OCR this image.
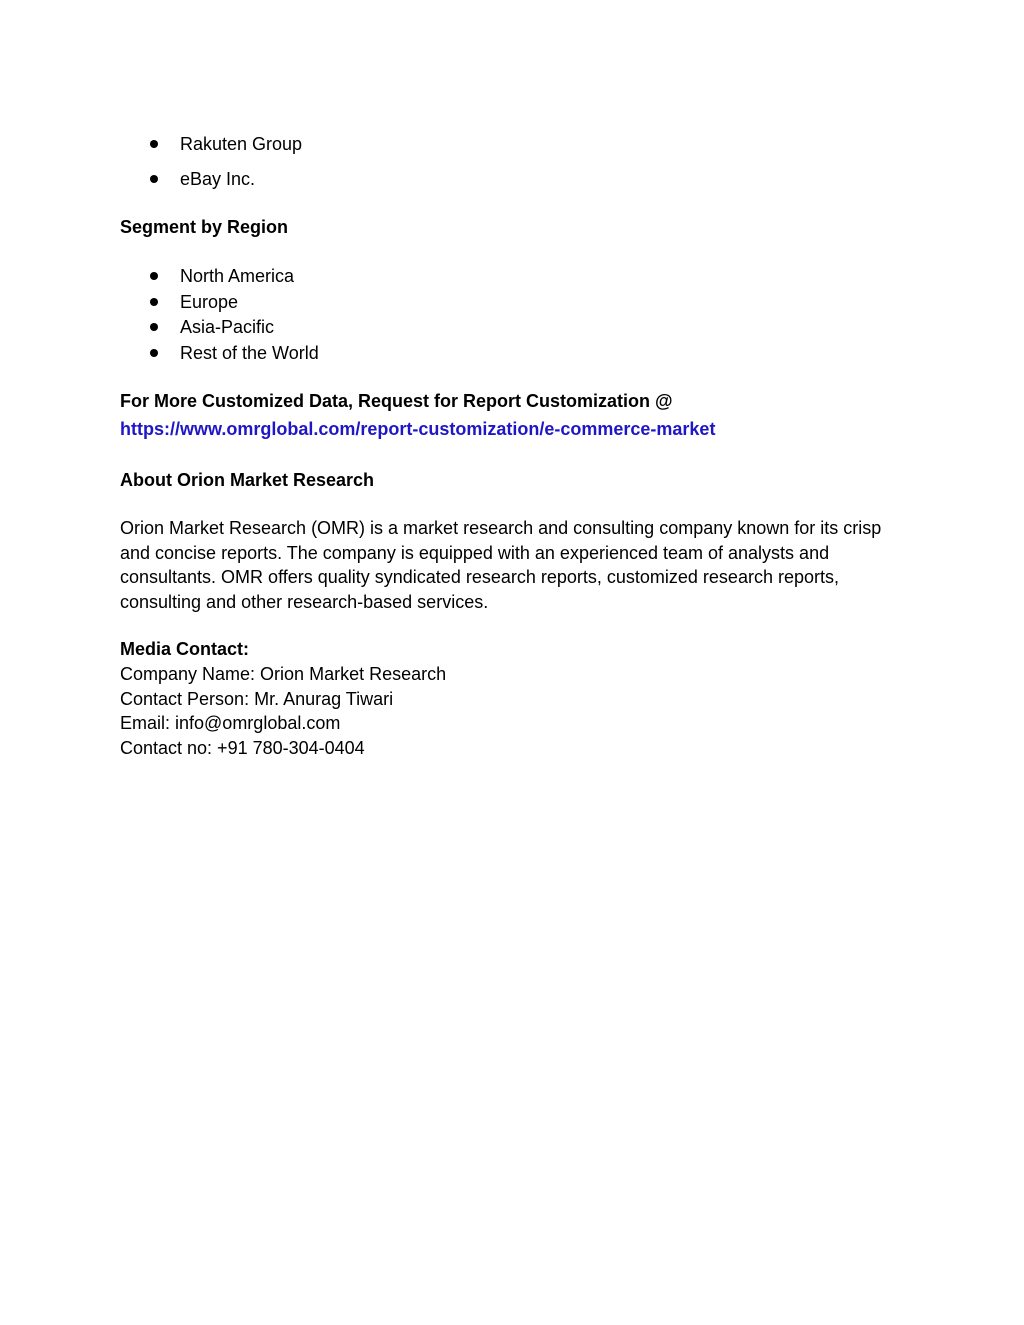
Rakuten Group
eBay Inc.
Segment by Region
North America
Europe
Asia-Pacific
Rest of the World
For More Customized Data, Request for Report Customization @
https://www.omrglobal.com/report-customization/e-commerce-market
About Orion Market Research

Orion Market Research (OMR) is a market research and consulting company known for its crisp and concise reports. The company is equipped with an experienced team of analysts and consultants. OMR offers quality syndicated research reports, customized research reports, consulting and other research-based services.

Media Contact:
Company Name: Orion Market Research
Contact Person: Mr. Anurag Tiwari
Email: info@omrglobal.com
Contact no: +91 780-304-0404
